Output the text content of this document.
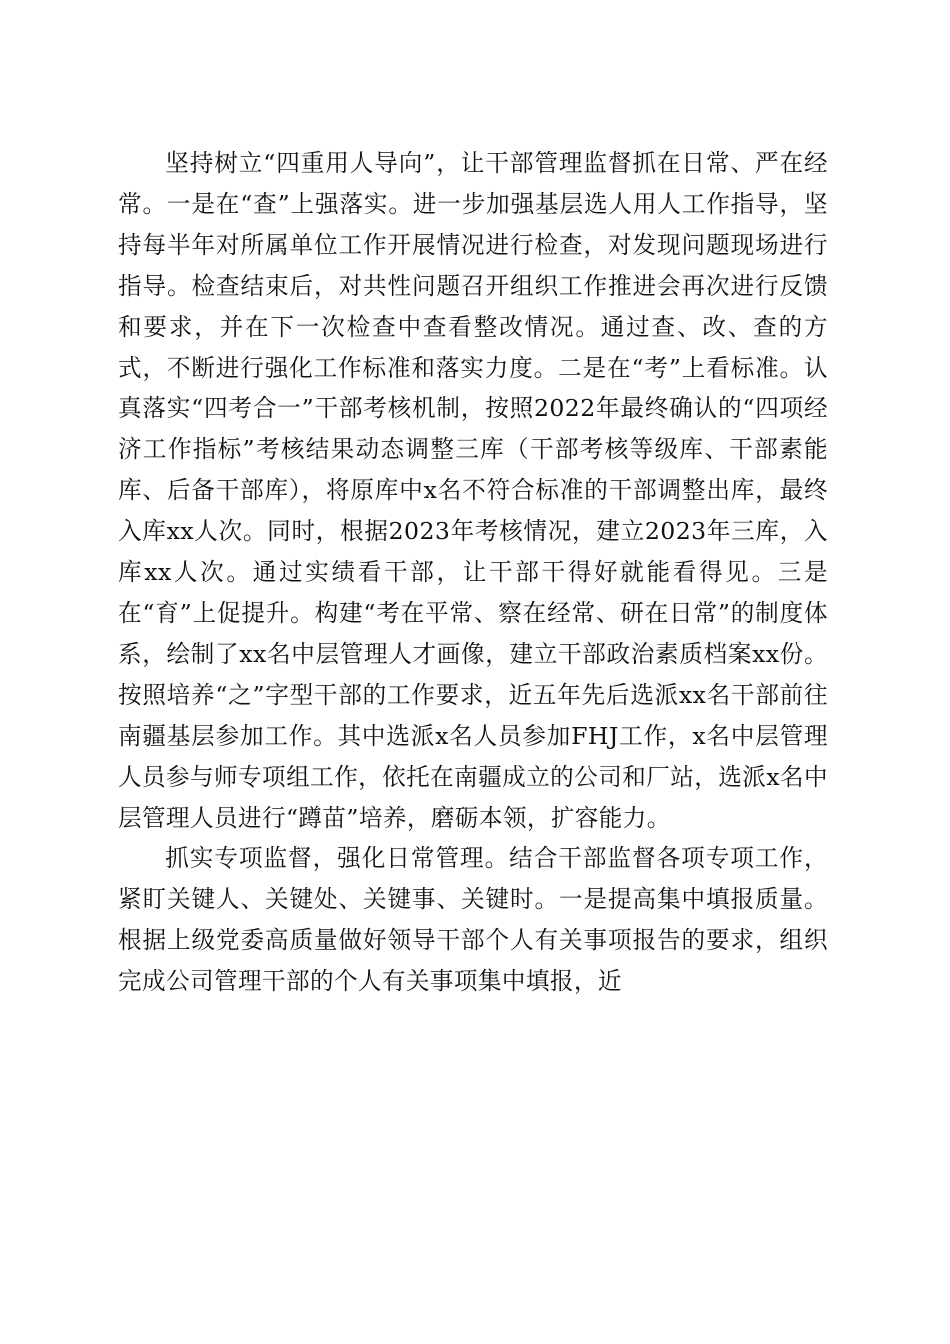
坚持树立“四重用人导向”，让干部管理监督抓在日常、严在经常。一是在“查”上强落实。进一步加强基层选人用人工作指导，坚持每半年对所属单位工作开展情况进行检查，对发现问题现场进行指导。检查结束后，对共性问题召开组织工作推进会再次进行反馈和要求，并在下一次检查中查看整改情况。通过查、改、查的方式，不断进行强化工作标准和落实力度。二是在“考”上看标准。认真落实“四考合一”干部考核机制，按照2022年最终确认的“四项经济工作指标”考核结果动态调整三库（干部考核等级库、干部素能库、后备干部库），将原库中x名不符合标准的干部调整出库，最终入库xx人次。同时，根据2023年考核情况，建立2023年三库，入库xx人次。通过实绩看干部，让干部干得好就能看得见。三是在“育”上促提升。构建“考在平常、察在经常、研在日常”的制度体系，绘制了xx名中层管理人才画像，建立干部政治素质档案xx份。按照培养“之”字型干部的工作要求，近五年先后选派xx名干部前往南疆基层参加工作。其中选派x名人员参加FHJ工作，x名中层管理人员参与师专项组工作，依托在南疆成立的公司和厂站，选派x名中层管理人员进行“蹲苗”培养，磨砺本领，扩容能力。

抓实专项监督，强化日常管理。结合干部监督各项专项工作，紧盯关键人、关键处、关键事、关键时。一是提高集中填报质量。根据上级党委高质量做好领导干部个人有关事项报告的要求，组织完成公司管理干部的个人有关事项集中填报，近
